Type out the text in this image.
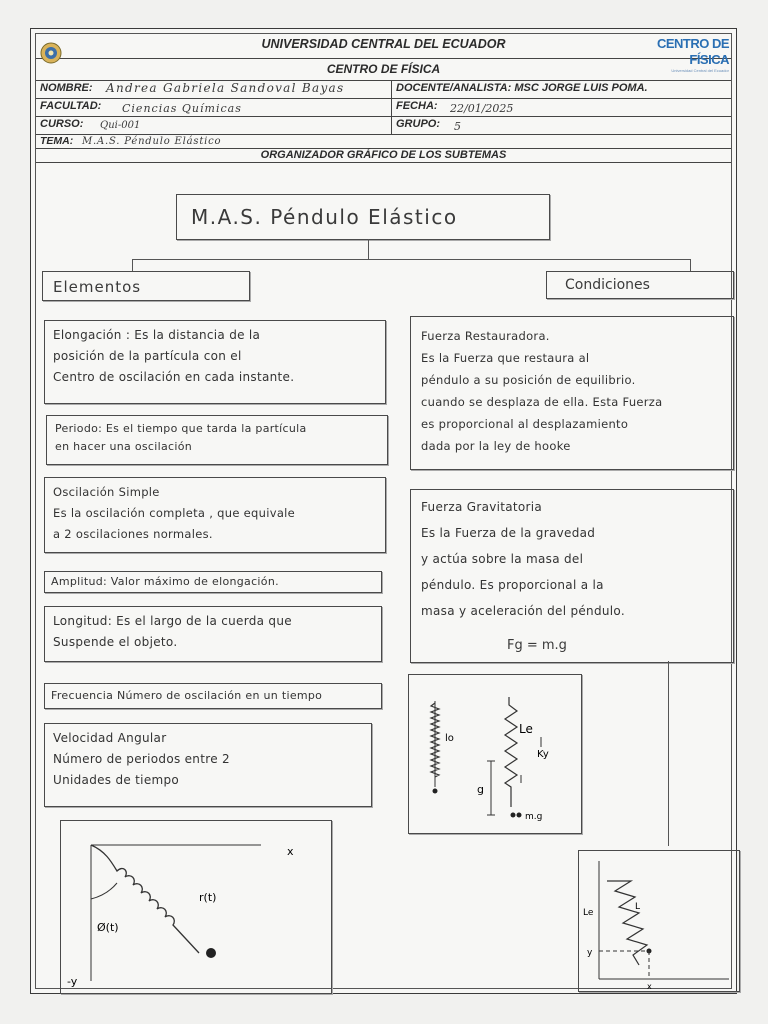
UNIVERSIDAD CENTRAL DEL ECUADOR	CENTRO DE FÍSICA
Universidad Central del Ecuador
CENTRO DE FÍSICA
NOMBRE: Andrea Gabriela Sandoval Bayas	DOCENTE/ANALISTA: MSC JORGE LUIS POMA.
FACULTAD: Ciencias Químicas	FECHA: 22/01/2025
CURSO: Qui-001	GRUPO: 5
TEMA: M.A.S. Péndulo Elástico
ORGANIZADOR GRÁFICO DE LOS SUBTEMAS
M.A.S. Péndulo Elástico
Elementos	Condiciones
Elongación : Es la distancia de la
posición de la partícula con el
Centro de oscilación en cada instante.
Periodo: Es el tiempo que tarda la partícula
en hacer una oscilación
Oscilación Simple
Es la oscilación completa , que equivale
a 2 oscilaciones normales.
Amplitud: Valor máximo de elongación.
Longitud: Es el largo de la cuerda que
Suspende el objeto.
Frecuencia Número de oscilación en un tiempo
Velocidad Angular
Número de periodos entre 2
Unidades de tiempo
Fuerza Restauradora.
Es la Fuerza que restaura al
péndulo a su posición de equilibrio.
cuando se desplaza de ella. Esta Fuerza
es proporcional al desplazamiento
dada por la ley de hooke
Fuerza Gravitatoria
Es la Fuerza de la gravedad
y actúa sobre la masa del
péndulo. Es proporcional a la
masa y aceleración del péndulo.
Fg = m.g
lo
Le
Ky
g
m.g
x
-y
r(t)
Ø(t)
Le
L
y
x
